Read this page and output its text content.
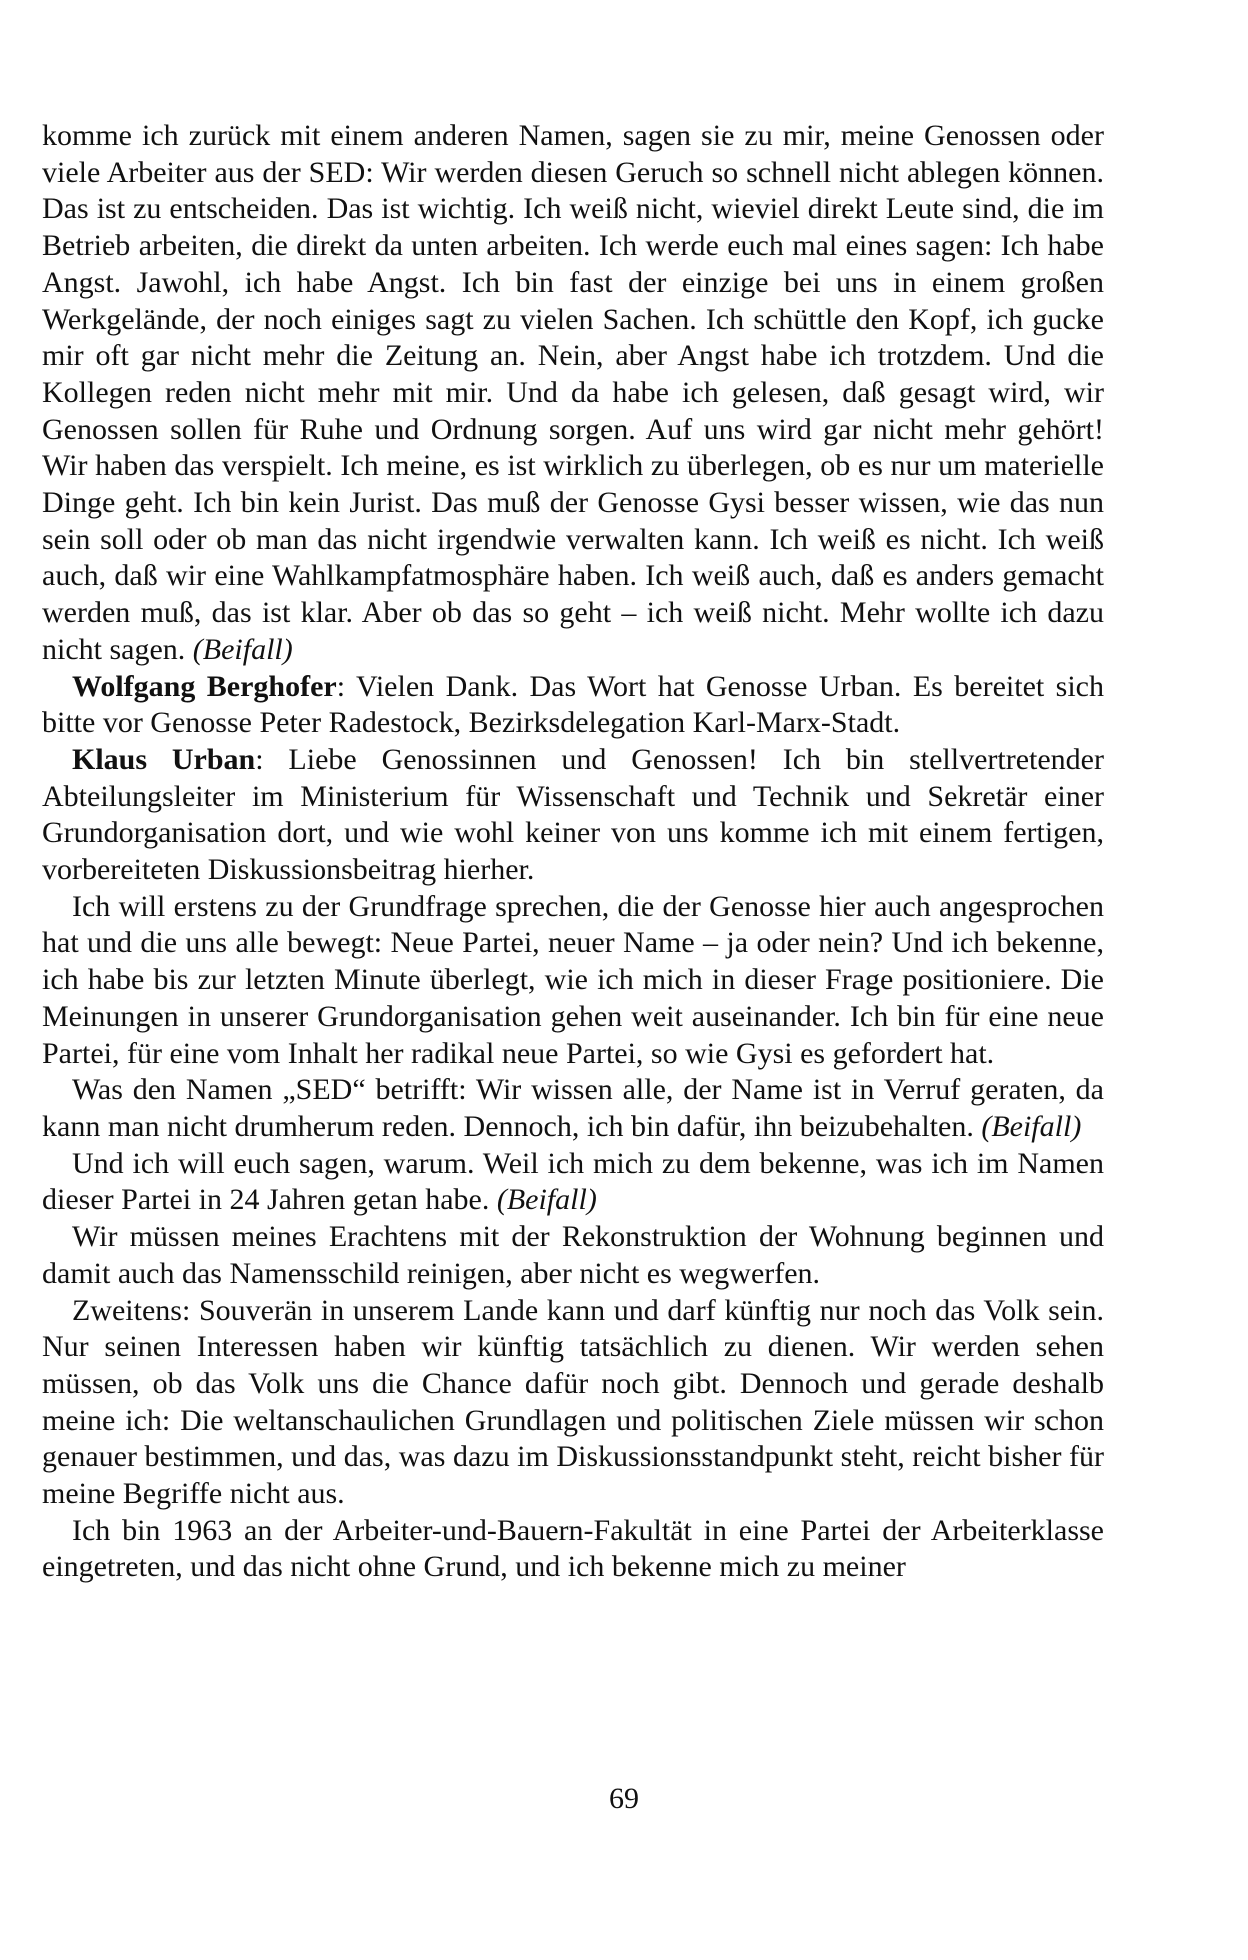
komme ich zurück mit einem anderen Namen, sagen sie zu mir, meine Genossen oder viele Arbeiter aus der SED: Wir werden diesen Geruch so schnell nicht ablegen können. Das ist zu entscheiden. Das ist wichtig. Ich weiß nicht, wieviel direkt Leute sind, die im Betrieb arbeiten, die direkt da unten arbeiten. Ich werde euch mal eines sagen: Ich habe Angst. Jawohl, ich habe Angst. Ich bin fast der einzige bei uns in einem großen Werkgelände, der noch einiges sagt zu vielen Sachen. Ich schüttle den Kopf, ich gucke mir oft gar nicht mehr die Zeitung an. Nein, aber Angst habe ich trotzdem. Und die Kollegen reden nicht mehr mit mir. Und da habe ich gelesen, daß gesagt wird, wir Genossen sollen für Ruhe und Ordnung sorgen. Auf uns wird gar nicht mehr gehört! Wir haben das verspielt. Ich meine, es ist wirklich zu überlegen, ob es nur um materielle Dinge geht. Ich bin kein Jurist. Das muß der Genosse Gysi besser wissen, wie das nun sein soll oder ob man das nicht irgendwie verwalten kann. Ich weiß es nicht. Ich weiß auch, daß wir eine Wahlkampfatmosphäre haben. Ich weiß auch, daß es anders gemacht werden muß, das ist klar. Aber ob das so geht – ich weiß nicht. Mehr wollte ich dazu nicht sagen. (Beifall)

Wolfgang Berghofer: Vielen Dank. Das Wort hat Genosse Urban. Es bereitet sich bitte vor Genosse Peter Radestock, Bezirksdelegation Karl-Marx-Stadt.

Klaus Urban: Liebe Genossinnen und Genossen! Ich bin stellvertretender Abteilungsleiter im Ministerium für Wissenschaft und Technik und Sekretär einer Grundorganisation dort, und wie wohl keiner von uns komme ich mit einem fertigen, vorbereiteten Diskussionsbeitrag hierher.

Ich will erstens zu der Grundfrage sprechen, die der Genosse hier auch angesprochen hat und die uns alle bewegt: Neue Partei, neuer Name – ja oder nein? Und ich bekenne, ich habe bis zur letzten Minute überlegt, wie ich mich in dieser Frage positioniere. Die Meinungen in unserer Grundorganisation gehen weit auseinander. Ich bin für eine neue Partei, für eine vom Inhalt her radikal neue Partei, so wie Gysi es gefordert hat.

Was den Namen „SED“ betrifft: Wir wissen alle, der Name ist in Verruf geraten, da kann man nicht drumherum reden. Dennoch, ich bin dafür, ihn beizubehalten. (Beifall)

Und ich will euch sagen, warum. Weil ich mich zu dem bekenne, was ich im Namen dieser Partei in 24 Jahren getan habe. (Beifall)

Wir müssen meines Erachtens mit der Rekonstruktion der Wohnung beginnen und damit auch das Namensschild reinigen, aber nicht es wegwerfen.

Zweitens: Souverän in unserem Lande kann und darf künftig nur noch das Volk sein. Nur seinen Interessen haben wir künftig tatsächlich zu dienen. Wir werden sehen müssen, ob das Volk uns die Chance dafür noch gibt. Dennoch und gerade deshalb meine ich: Die weltanschaulichen Grundlagen und politischen Ziele müssen wir schon genauer bestimmen, und das, was dazu im Diskussionsstandpunkt steht, reicht bisher für meine Begriffe nicht aus.

Ich bin 1963 an der Arbeiter-und-Bauern-Fakultät in eine Partei der Arbeiterklasse eingetreten, und das nicht ohne Grund, und ich bekenne mich zu meiner

69
